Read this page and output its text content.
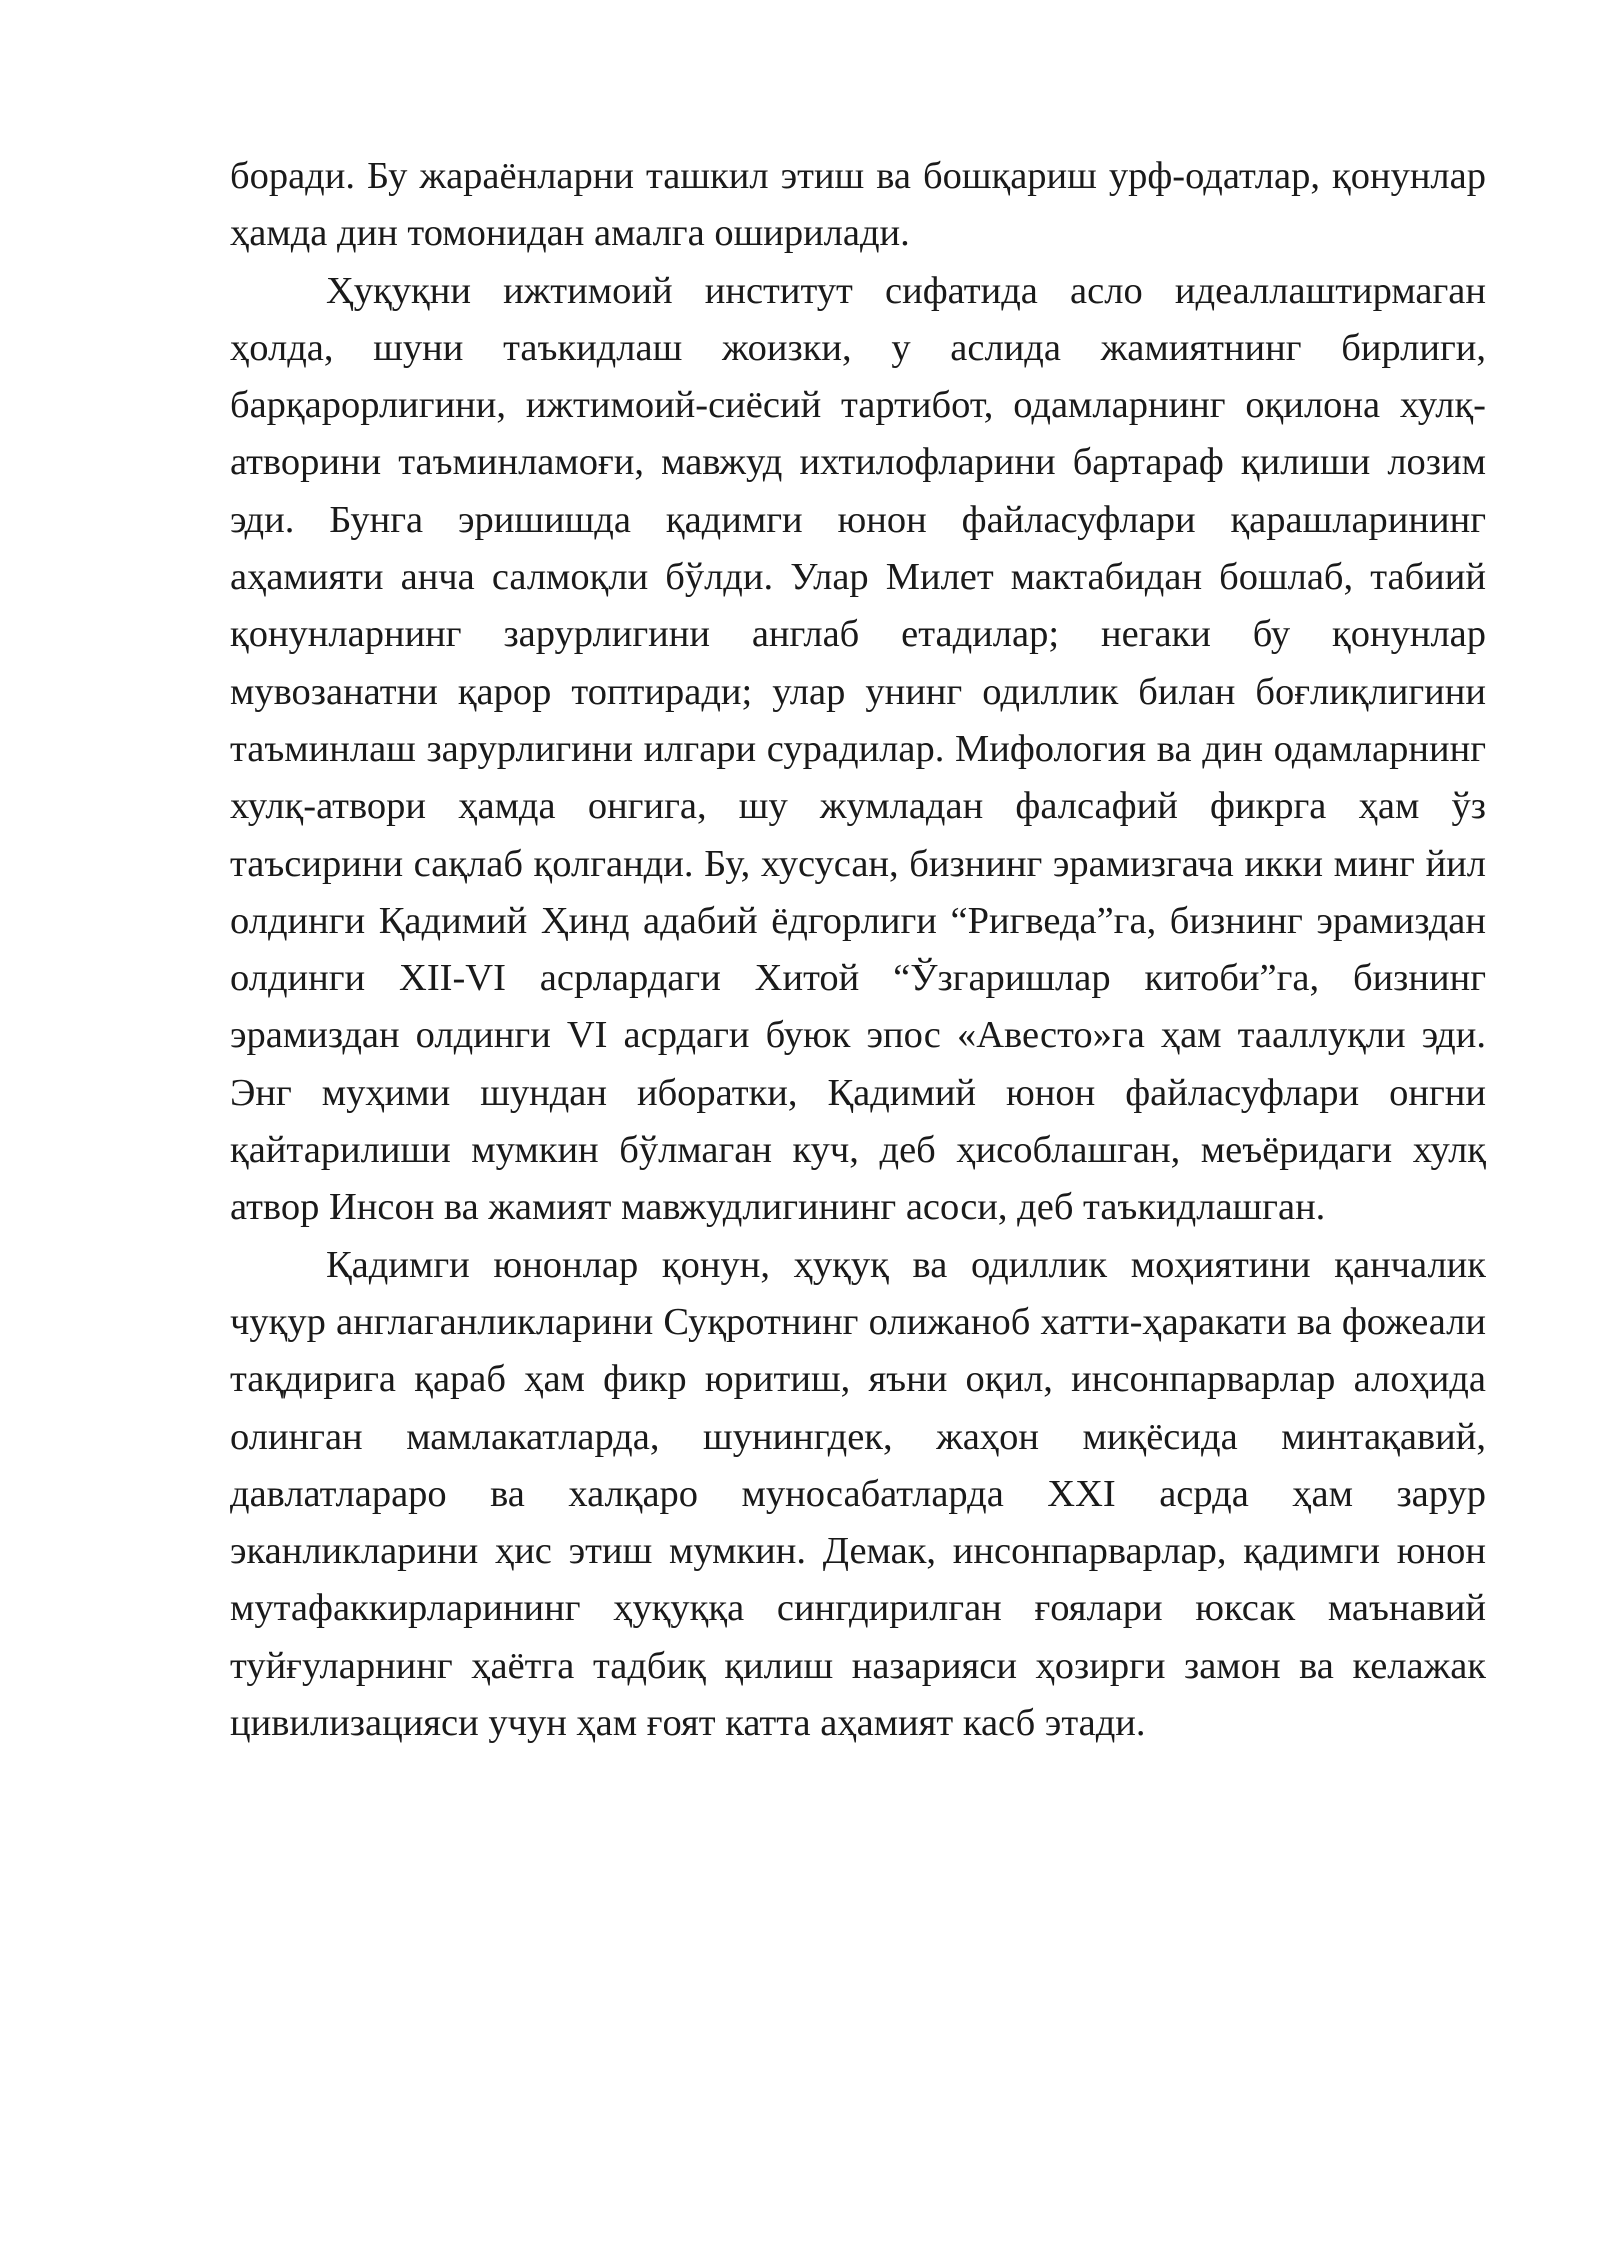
боради. Бу жараёнларни ташкил этиш ва бошқариш урф-одатлар, қонунлар ҳамда дин томонидан амалга оширилади.

Ҳуқуқни ижтимоий институт сифатида асло идеаллаштирмаган ҳолда, шуни таъкидлаш жоизки, у аслида жамиятнинг бирлиги, барқарорлигини, ижтимоий-сиёсий тартибот, одамларнинг оқилона хулқ-атворини таъминламоғи, мавжуд ихтилофларини бартараф қилиши лозим эди. Бунга эришишда қадимги юнон файласуфлари қарашларининг аҳамияти анча салмоқли бўлди. Улар Милет мактабидан бошлаб, табиий қонунларнинг зарурлигини англаб етадилар; негаки бу қонунлар мувозанатни қарор топтиради; улар унинг одиллик билан боғлиқлигини таъминлаш зарурлигини илгари сурадилар. Мифология ва дин одамларнинг хулқ-атвори ҳамда онгига, шу жумладан фалсафий фикрга ҳам ўз таъсирини сақлаб қолганди. Бу, хусусан, бизнинг эрамизгача икки минг йил олдинги Қадимий Ҳинд адабий ёдгорлиги “Ригведа”га, бизнинг эрамиздан олдинги XII-VI асрлардаги Хитой “Ўзгаришлар китоби”га, бизнинг эрамиздан олдинги VI асрдаги буюк эпос «Авесто»га ҳам тааллуқли эди. Энг муҳими шундан иборатки, Қадимий юнон файласуфлари онгни қайтарилиши мумкин бўлмаган куч, деб ҳисоблашган, меъёридаги хулқ атвор Инсон ва жамият мавжудлигининг асоси, деб таъкидлашган.

Қадимги юнонлар қонун, ҳуқуқ ва одиллик моҳиятини қанчалик чуқур англаганликларини Суқротнинг олижаноб хатти-ҳаракати ва фожеали тақдирига қараб ҳам фикр юритиш, яъни оқил, инсонпарварлар алоҳида олинган мамлакатларда, шунингдек, жаҳон миқёсида минтақавий, давлатлараро ва халқаро муносабатларда XXI асрда ҳам зарур эканликларини ҳис этиш мумкин. Демак, инсонпарварлар, қадимги юнон мутафаккирларининг ҳуқуққа сингдирилган ғоялари юксак маънавий туйғуларнинг ҳаётга тадбиқ қилиш назарияси ҳозирги замон ва келажак цивилизацияси учун ҳам ғоят катта аҳамият касб этади.
